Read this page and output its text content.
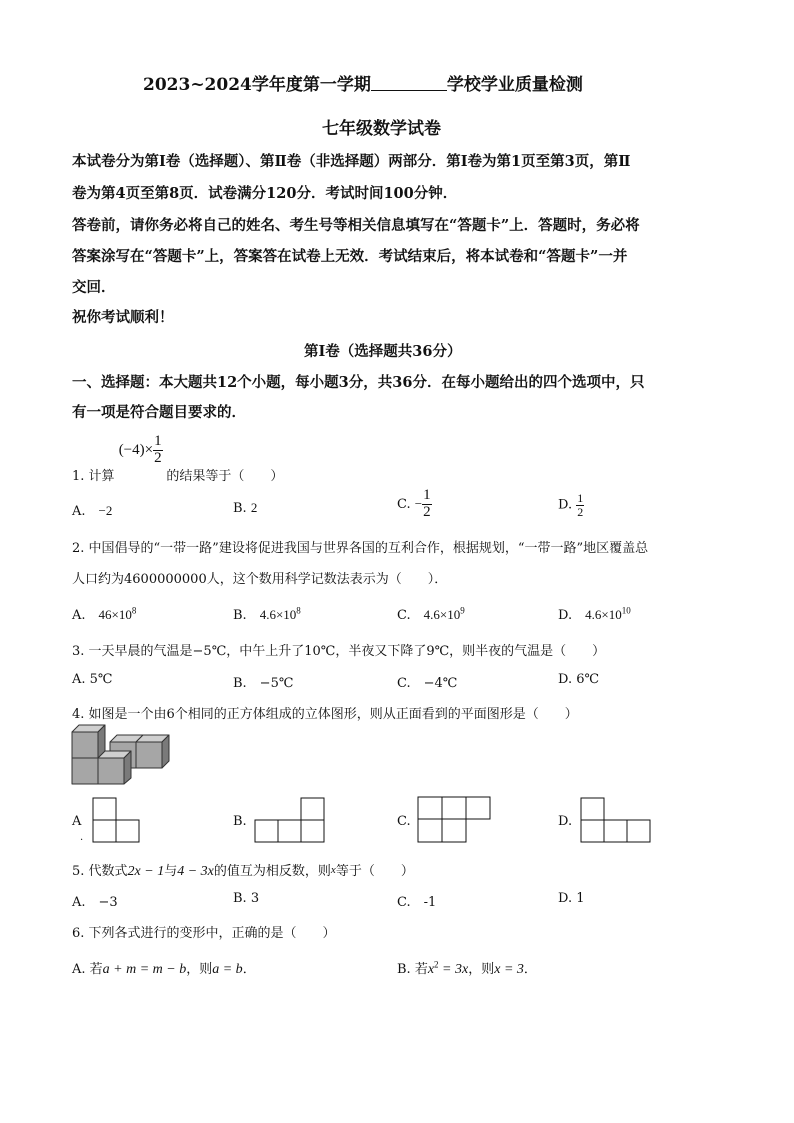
2023~2024学年度第一学期	学校学业质量检测
七年级数学试卷
本试卷分为第Ⅰ卷（选择题）、第Ⅱ卷（非选择题）两部分．第Ⅰ卷为第1页至第3页，第Ⅱ
卷为第4页至第8页．试卷满分120分．考试时间100分钟．
答卷前，请你务必将自己的姓名、考生号等相关信息填写在“答题卡”上．答题时，务必将
答案涂写在“答题卡”上，答案答在试卷上无效．考试结束后，将本试卷和“答题卡”一并
交回．
祝你考试顺利！
第Ⅰ卷（选择题共36分）
一、选择题：本大题共12个小题，每小题3分，共36分．在每小题给出的四个选项中，只
有一项是符合题目要求的．
1. 计算 $(-4)\times \frac{1}{2}$
的结果等于（　　）
A.　 −2	B. 2	C. − $\frac{1}{2}$	D. $\frac{1}{2}$
2. 中国倡导的“一带一路”建设将促进我国与世界各国的互利合作，根据规划，“一带一路”地区覆盖总
人口约为4600000000人，这个数用科学记数法表示为（　　）．
A.　 $46\times 10^8$	B.　 $4.6\times 10^8$	C.　 $4.6\times 10^9$	D.　 $4.6\times 10^{10}$
3. 一天早晨的气温是−5℃，中午上升了10℃，半夜又下降了9℃，则半夜的气温是（　　）
A. 5℃	B.　−5℃	C.　−4℃	D. 6℃
4. 如图是一个由6个相同的正方体组成的立体图形，则从正面看到的平面图形是（　　）
A
.
B.	C.	D.
5. 代数式2x − 1与4 − 3x的值互为相反数，则x等于（　　）
A.　−3	B. 3	C.　-1	D. 1
6. 下列各式进行的变形中，正确的是（　　）
A. 若a + m = m − b，则a = b．	B. 若$x^2 = 3x$，则x = 3．
